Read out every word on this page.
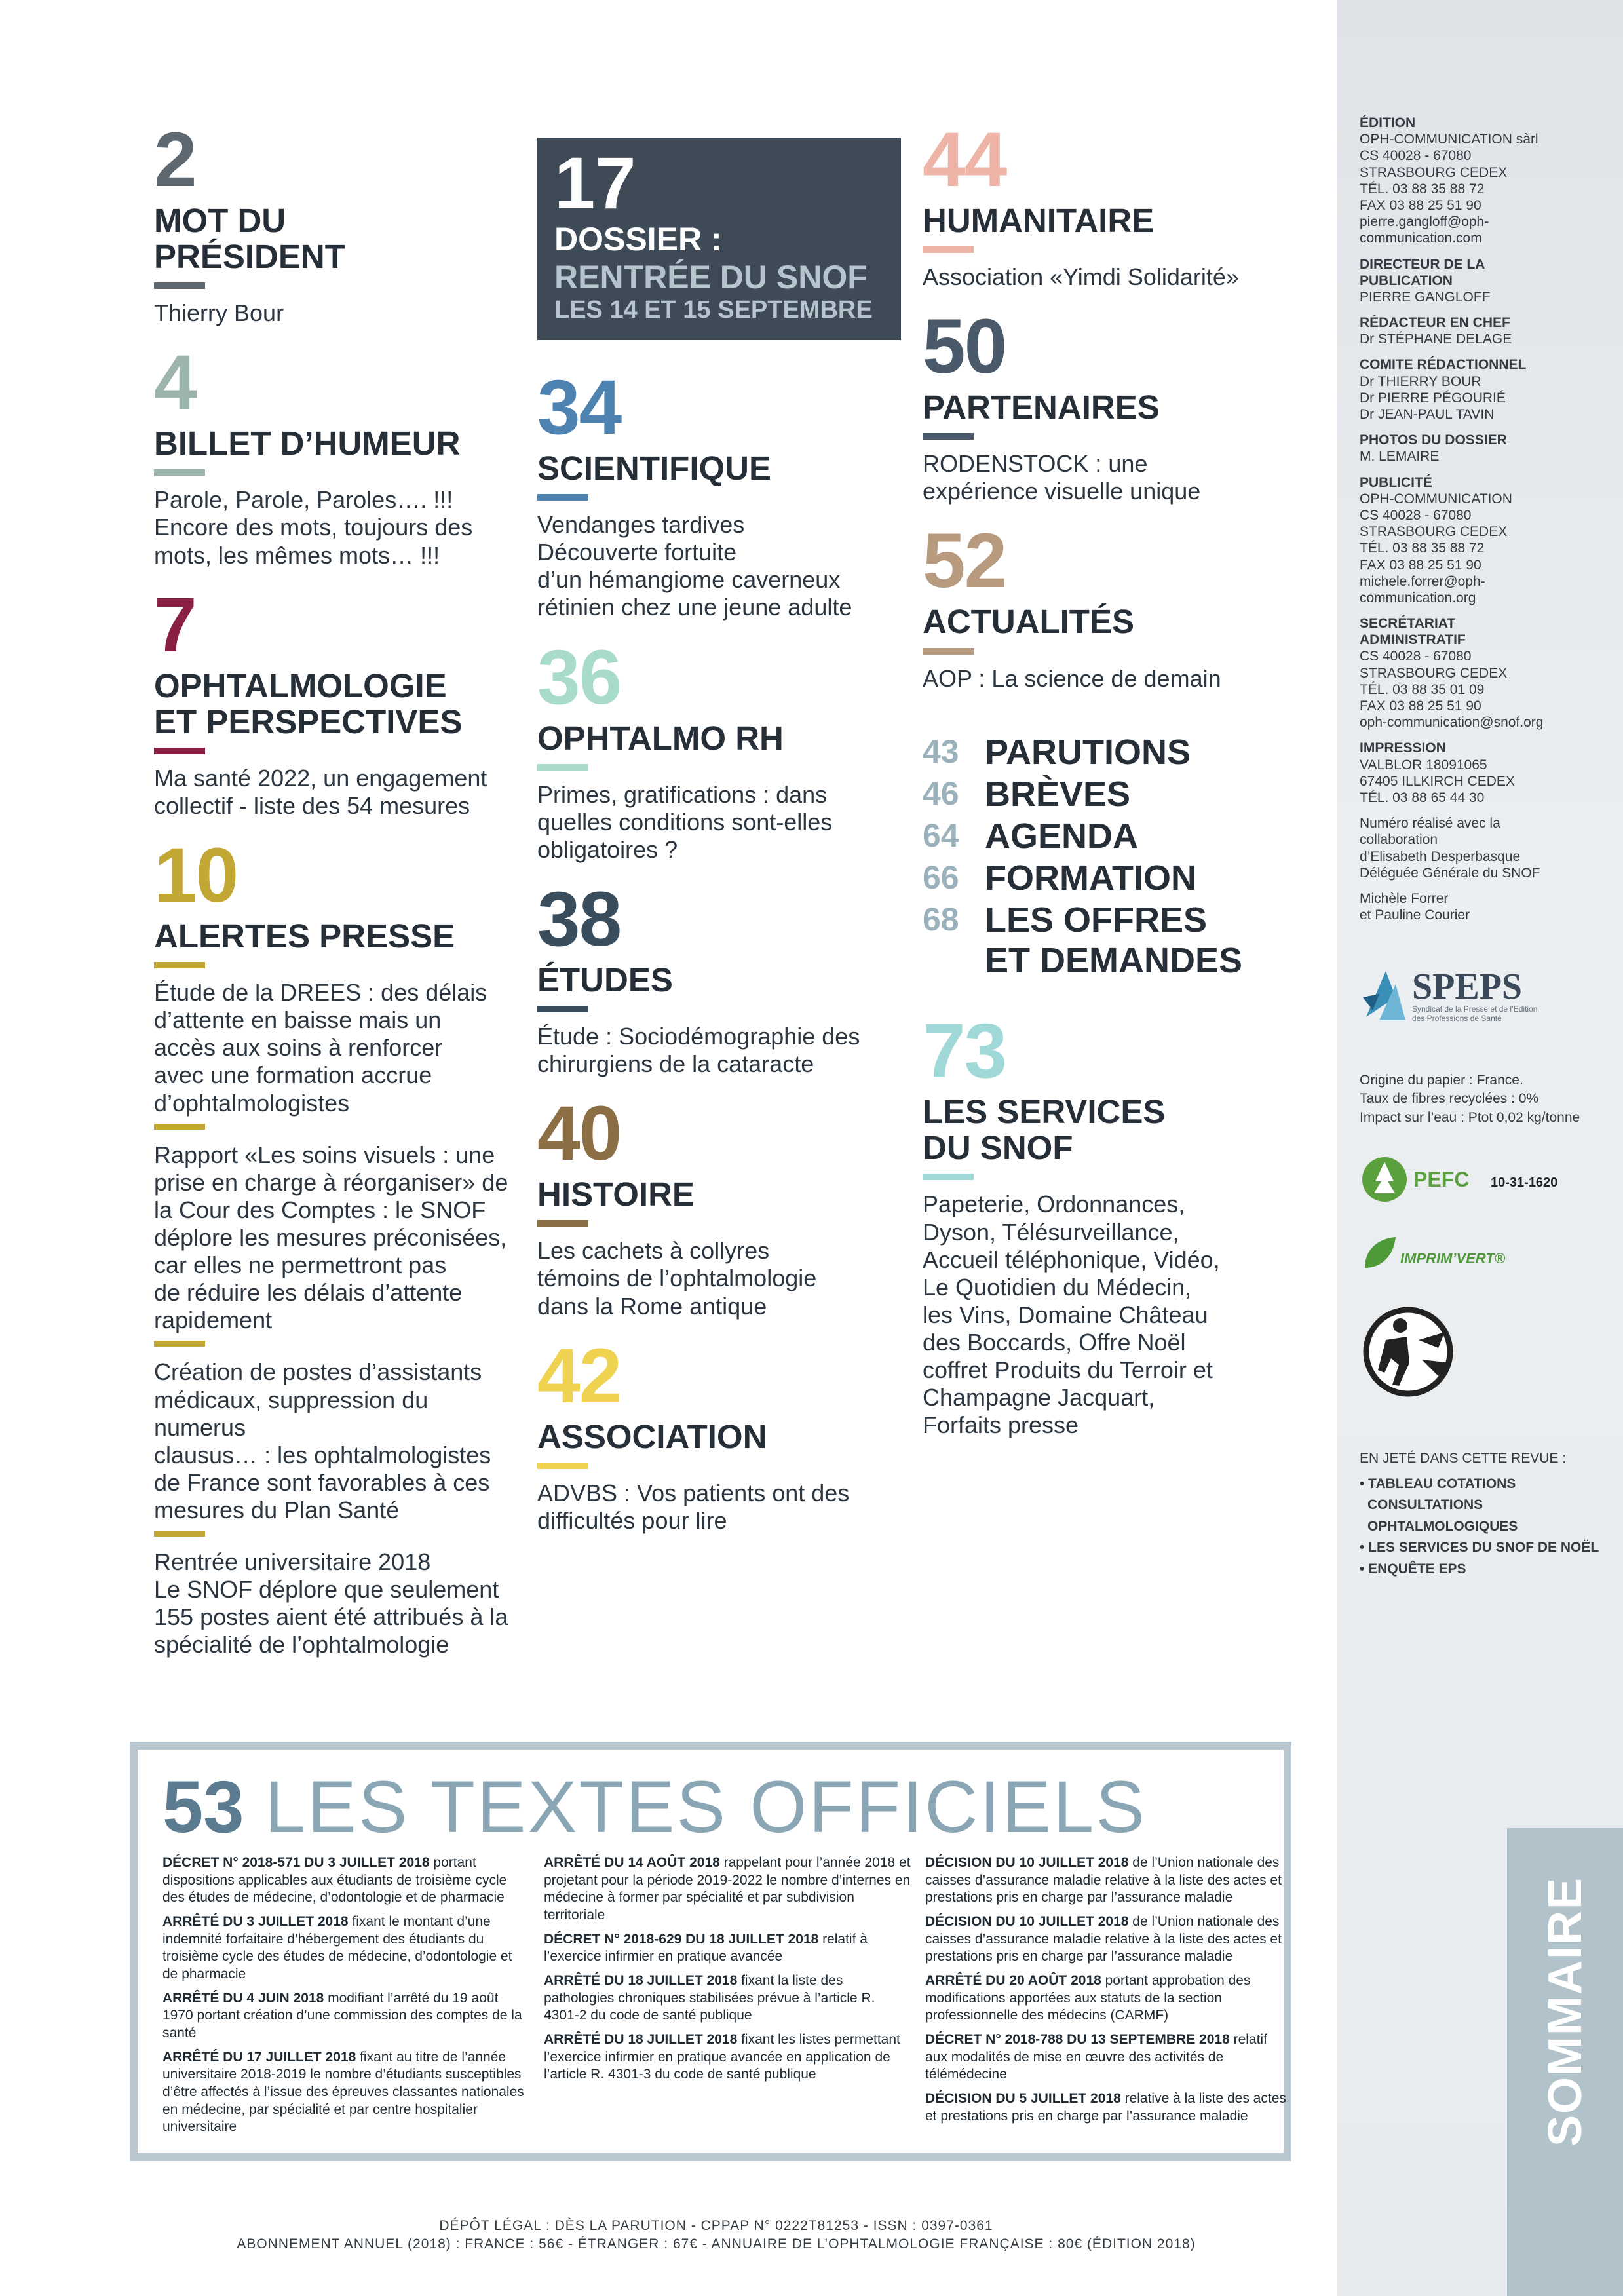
2
MOT DU
PRÉSIDENT
Thierry Bour
4
BILLET D’HUMEUR
Parole, Parole, Paroles…. !!!
Encore des mots, toujours des
mots, les mêmes mots… !!!
7
OPHTALMOLOGIE
ET PERSPECTIVES
Ma santé 2022, un engagement
collectif - liste des 54 mesures
10
ALERTES PRESSE
Étude de la DREES : des délais
d’attente en baisse mais un
accès aux soins à renforcer
avec une formation accrue
d’ophtalmologistes
Rapport «Les soins visuels : une
prise en charge à réorganiser» de
la Cour des Comptes : le SNOF
déplore les mesures préconisées,
car elles ne permettront pas
de réduire les délais d’attente
rapidement
Création de postes d’assistants
médicaux, suppression du numerus
clausus… : les ophtalmologistes
de France sont favorables à ces
mesures du Plan Santé
Rentrée universitaire 2018
Le SNOF déplore que seulement
155 postes aient été attribués à la
spécialité de l’ophtalmologie
17
DOSSIER :
RENTRÉE DU SNOF
LES 14 ET 15 SEPTEMBRE
34
SCIENTIFIQUE
Vendanges tardives
Découverte fortuite
d’un hémangiome caverneux
rétinien chez une jeune adulte
36
OPHTALMO RH
Primes, gratifications : dans
quelles conditions sont-elles
obligatoires ?
38
ÉTUDES
Étude : Sociodémographie des
chirurgiens de la cataracte
40
HISTOIRE
Les cachets à collyres
témoins de l’ophtalmologie
dans la Rome antique
42
ASSOCIATION
ADVBS : Vos patients ont des
difficultés pour lire
44
HUMANITAIRE
Association «Yimdi Solidarité»
50
PARTENAIRES
RODENSTOCK : une
expérience visuelle unique
52
ACTUALITÉS
AOP : La science de demain
43 PARUTIONS
46 BRÈVES
64 AGENDA
66 FORMATION
68 LES OFFRES
ET DEMANDES
73
LES SERVICES
DU SNOF
Papeterie, Ordonnances,
Dyson, Télésurveillance,
Accueil téléphonique, Vidéo,
Le Quotidien du Médecin,
les Vins, Domaine Château
des Boccards, Offre Noël
coffret Produits du Terroir et
Champagne Jacquart,
Forfaits presse
ÉDITION
OPH-COMMUNICATION sàrl
CS 40028 - 67080
STRASBOURG CEDEX
TÉL. 03 88 35 88 72
FAX 03 88 25 51 90
pierre.gangloff@oph-
communication.com
DIRECTEUR DE LA
PUBLICATION
PIERRE GANGLOFF
RÉDACTEUR EN CHEF
Dr STÉPHANE DELAGE
COMITE RÉDACTIONNEL
Dr THIERRY BOUR
Dr PIERRE PÉGOURIÉ
Dr JEAN-PAUL TAVIN
PHOTOS DU DOSSIER
M. LEMAIRE
PUBLICITÉ
OPH-COMMUNICATION
CS 40028 - 67080
STRASBOURG CEDEX
TÉL. 03 88 35 88 72
FAX 03 88 25 51 90
michele.forrer@oph-
communication.org
SECRÉTARIAT
ADMINISTRATIF
CS 40028 - 67080
STRASBOURG CEDEX
TÉL. 03 88 35 01 09
FAX 03 88 25 51 90
oph-communication@snof.org
IMPRESSION
VALBLOR 18091065
67405 ILLKIRCH CEDEX
TÉL. 03 88 65 44 30
Numéro réalisé avec la
collaboration
d’Elisabeth Desperbasque
Déléguée Générale du SNOF
Michèle Forrer
et Pauline Courier
SPEPS
Syndicat de la Presse et de l’Edition
des Professions de Santé
Origine du papier : France.
Taux de fibres recyclées : 0%
Impact sur l’eau : Ptot 0,02 kg/tonne
PEFC 10-31-1620
IMPRIM’VERT®
EN JETÉ DANS CETTE REVUE :
• TABLEAU COTATIONS CONSULTATIONS OPHTALMOLOGIQUES
• LES SERVICES DU SNOF DE NOËL
• ENQUÊTE EPS
SOMMAIRE
53 LES TEXTES OFFICIELS
DÉCRET N° 2018-571 DU 3 JUILLET 2018 portant dispositions applicables aux étudiants de troisième cycle des études de médecine, d’odontologie et de pharmacie
ARRÊTÉ DU 3 JUILLET 2018 fixant le montant d’une indemnité forfaitaire d’hébergement des étudiants du troisième cycle des études de médecine, d’odontologie et de pharmacie
ARRÊTÉ DU 4 JUIN 2018 modifiant l’arrêté du 19 août 1970 portant création d’une commission des comptes de la santé
ARRÊTÉ DU 17 JUILLET 2018 fixant au titre de l’année universitaire 2018-2019 le nombre d’étudiants susceptibles d’être affectés à l’issue des épreuves classantes nationales en médecine, par spécialité et par centre hospitalier universitaire
ARRÊTÉ DU 14 AOÛT 2018 rappelant pour l’année 2018 et projetant pour la période 2019-2022 le nombre d’internes en médecine à former par spécialité et par subdivision territoriale
DÉCRET N° 2018-629 DU 18 JUILLET 2018 relatif à l’exercice infirmier en pratique avancée
ARRÊTÉ DU 18 JUILLET 2018 fixant la liste des pathologies chroniques stabilisées prévue à l’article R. 4301-2 du code de santé publique
ARRÊTÉ DU 18 JUILLET 2018 fixant les listes permettant l’exercice infirmier en pratique avancée en application de l’article R. 4301-3 du code de santé publique
DÉCISION DU 10 JUILLET 2018 de l’Union nationale des caisses d’assurance maladie relative à la liste des actes et prestations pris en charge par l’assurance maladie
DÉCISION DU 10 JUILLET 2018 de l’Union nationale des caisses d’assurance maladie relative à la liste des actes et prestations pris en charge par l’assurance maladie
ARRÊTÉ DU 20 AOÛT 2018 portant approbation des modifications apportées aux statuts de la section professionnelle des médecins (CARMF)
DÉCRET N° 2018-788 DU 13 SEPTEMBRE 2018 relatif aux modalités de mise en œuvre des activités de télémédecine
DÉCISION DU 5 JUILLET 2018 relative à la liste des actes et prestations pris en charge par l’assurance maladie
DÉPÔT LÉGAL : DÈS LA PARUTION - CPPAP N° 0222T81253 - ISSN : 0397-0361
ABONNEMENT ANNUEL (2018) : FRANCE : 56€ - ÉTRANGER : 67€ - ANNUAIRE DE L’OPHTALMOLOGIE FRANÇAISE : 80€ (ÉDITION 2018)
